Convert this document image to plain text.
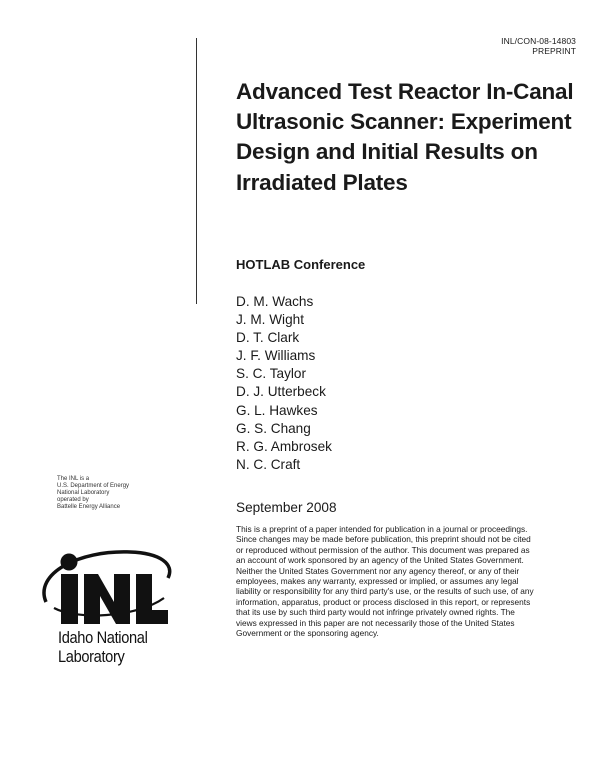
INL/CON-08-14803
PREPRINT
Advanced Test Reactor In-Canal Ultrasonic Scanner: Experiment Design and Initial Results on Irradiated Plates
HOTLAB Conference
D. M. Wachs
J. M. Wight
D. T. Clark
J. F. Williams
S. C. Taylor
D. J. Utterbeck
G. L. Hawkes
G. S. Chang
R. G. Ambrosek
N. C. Craft
September 2008

This is a preprint of a paper intended for publication in a journal or proceedings. Since changes may be made before publication, this preprint should not be cited or reproduced without permission of the author. This document was prepared as an account of work sponsored by an agency of the United States Government. Neither the United States Government nor any agency thereof, or any of their employees, makes any warranty, expressed or implied, or assumes any legal liability or responsibility for any third party's use, or the results of such use, of any information, apparatus, product or process disclosed in this report, or represents that its use by such third party would not infringe privately owned rights. The views expressed in this paper are not necessarily those of the United States Government or the sponsoring agency.

The INL is a
U.S. Department of Energy
National Laboratory
operated by
Battelle Energy Alliance
Idaho National
Laboratory
